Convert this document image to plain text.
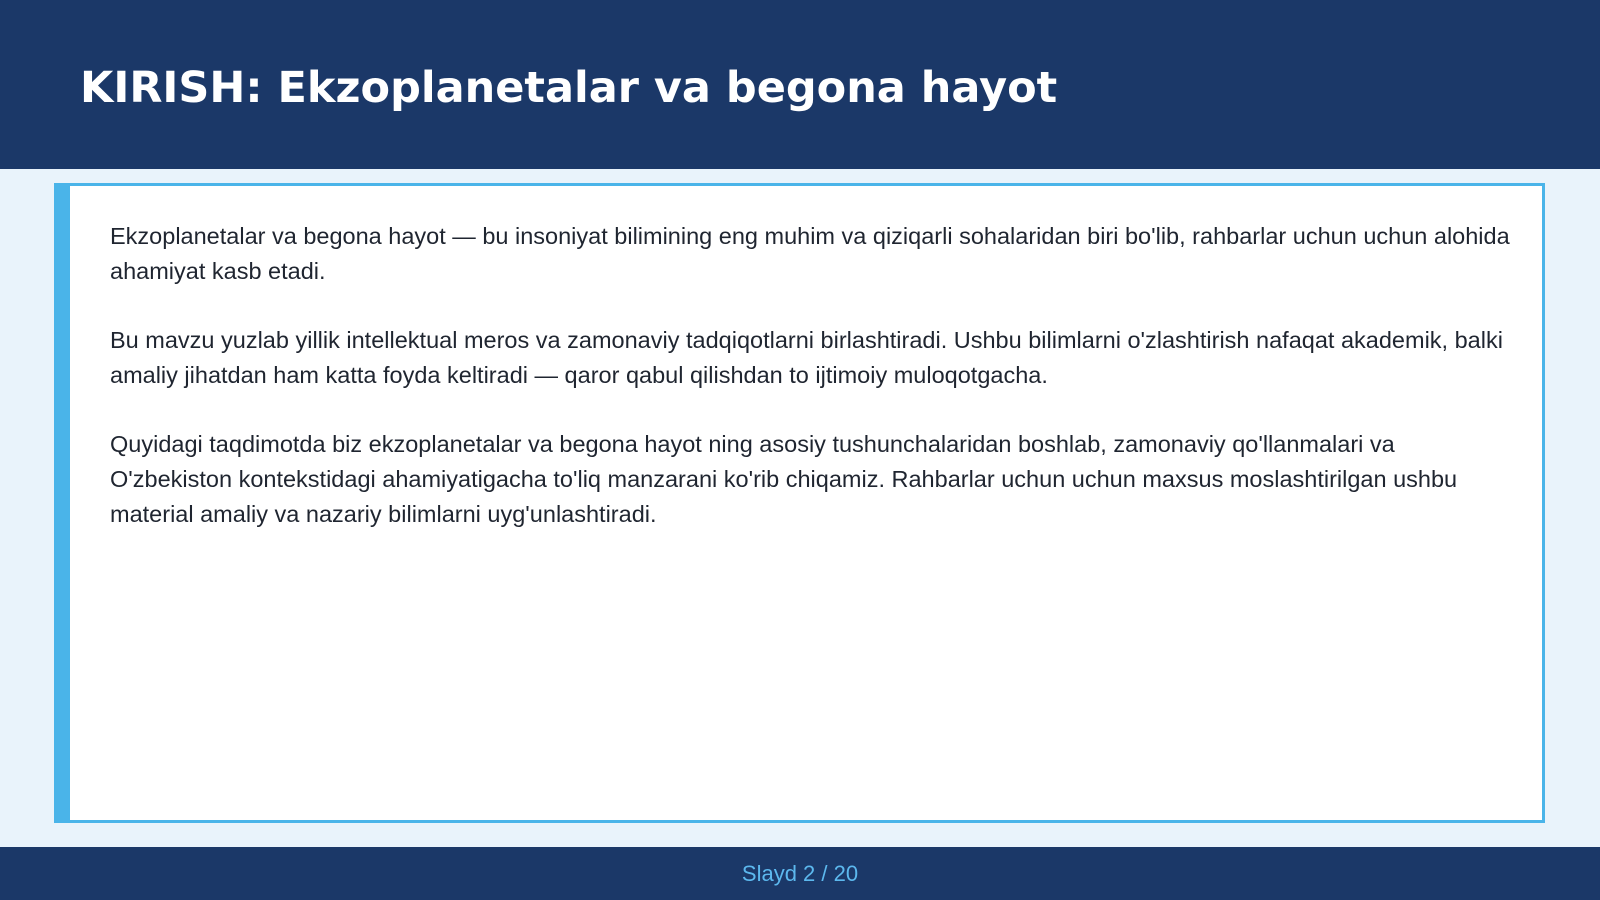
KIRISH: Ekzoplanetalar va begona hayot

Ekzoplanetalar va begona hayot — bu insoniyat bilimining eng muhim va qiziqarli sohalaridan biri bo'lib, rahbarlar uchun uchun alohida ahamiyat kasb etadi.

Bu mavzu yuzlab yillik intellektual meros va zamonaviy tadqiqotlarni birlashtiradi. Ushbu bilimlarni o'zlashtirish nafaqat akademik, balki amaliy jihatdan ham katta foyda keltiradi — qaror qabul qilishdan to ijtimoiy muloqotgacha.

Quyidagi taqdimotda biz ekzoplanetalar va begona hayot ning asosiy tushunchalaridan boshlab, zamonaviy qo'llanmalari va O'zbekiston kontekstidagi ahamiyatigacha to'liq manzarani ko'rib chiqamiz. Rahbarlar uchun uchun maxsus moslashtirilgan ushbu material amaliy va nazariy bilimlarni uyg'unlashtiradi.

Slayd 2 / 20
